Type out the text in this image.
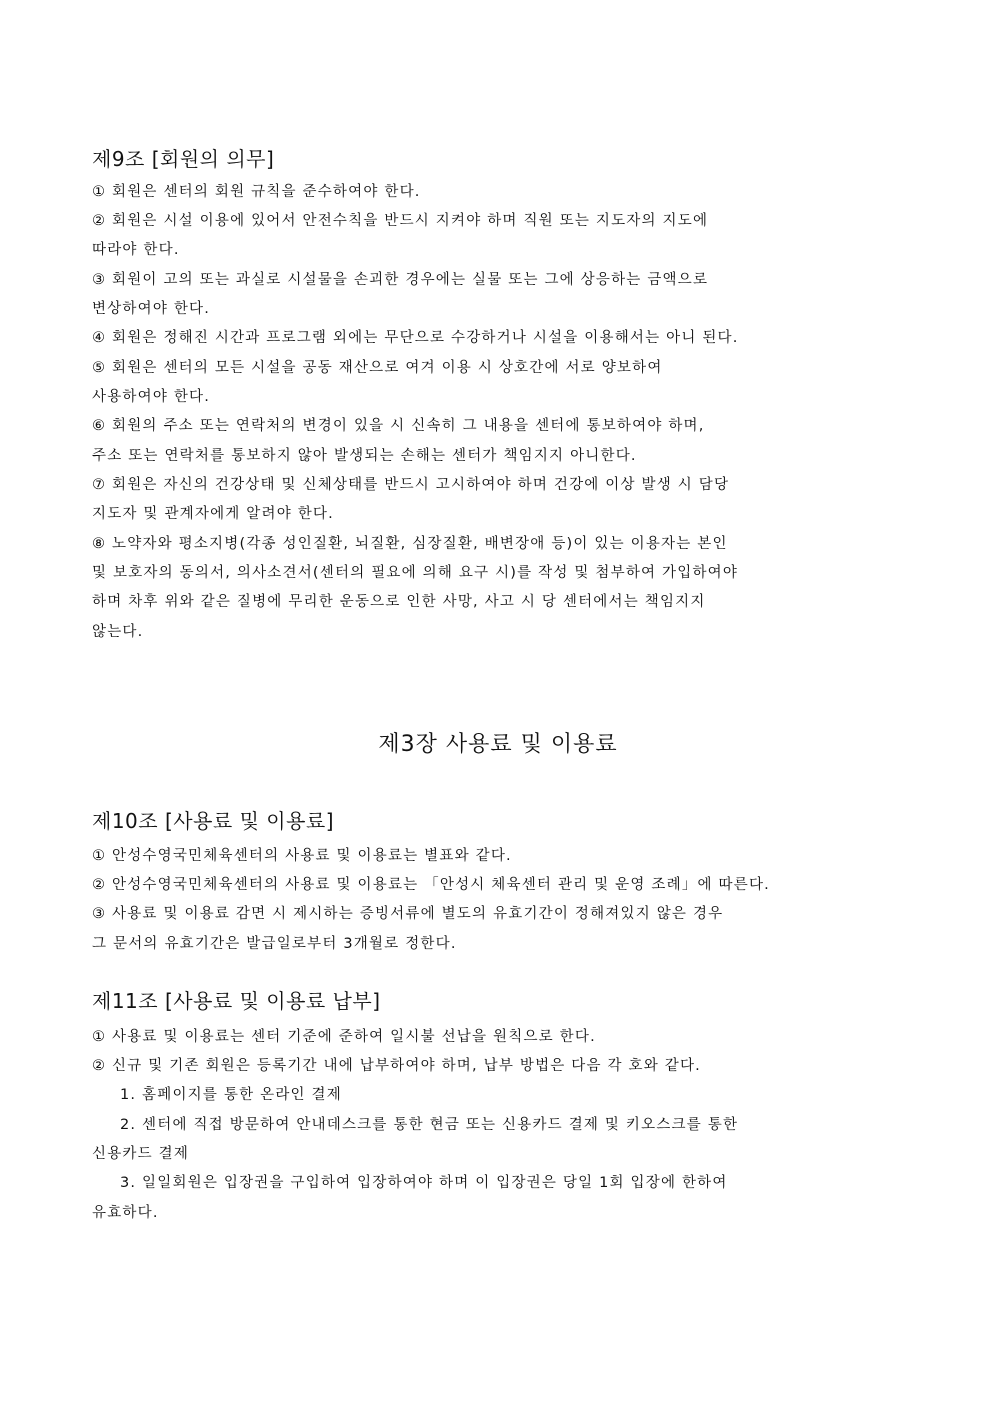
제9조 [회원의 의무]
① 회원은 센터의 회원 규칙을 준수하여야 한다.
② 회원은 시설 이용에 있어서 안전수칙을 반드시 지켜야 하며 직원 또는 지도자의 지도에
따라야 한다.
③ 회원이 고의 또는 과실로 시설물을 손괴한 경우에는 실물 또는 그에 상응하는 금액으로
변상하여야 한다.
④ 회원은 정해진 시간과 프로그램 외에는 무단으로 수강하거나 시설을 이용해서는 아니 된다.
⑤ 회원은 센터의 모든 시설을 공동 재산으로 여겨 이용 시 상호간에 서로 양보하여
사용하여야 한다.
⑥ 회원의 주소 또는 연락처의 변경이 있을 시 신속히 그 내용을 센터에 통보하여야 하며,
주소 또는 연락처를 통보하지 않아 발생되는 손해는 센터가 책임지지 아니한다.
⑦ 회원은 자신의 건강상태 및 신체상태를 반드시 고시하여야 하며 건강에 이상 발생 시 담당
지도자 및 관계자에게 알려야 한다.
⑧ 노약자와 평소지병(각종 성인질환, 뇌질환, 심장질환, 배변장애 등)이 있는 이용자는 본인
및 보호자의 동의서, 의사소견서(센터의 필요에 의해 요구 시)를 작성 및 첨부하여 가입하여야
하며 차후 위와 같은 질병에 무리한 운동으로 인한 사망, 사고 시 당 센터에서는 책임지지
않는다.
제3장 사용료 및 이용료
제10조 [사용료 및 이용료]
① 안성수영국민체육센터의 사용료 및 이용료는 별표와 같다.
② 안성수영국민체육센터의 사용료 및 이용료는 「안성시 체육센터 관리 및 운영 조례」에 따른다.
③ 사용료 및 이용료 감면 시 제시하는 증빙서류에 별도의 유효기간이 정해져있지 않은 경우
그 문서의 유효기간은 발급일로부터 3개월로 정한다.
제11조 [사용료 및 이용료 납부]
① 사용료 및 이용료는 센터 기준에 준하여 일시불 선납을 원칙으로 한다.
② 신규 및 기존 회원은 등록기간 내에 납부하여야 하며, 납부 방법은 다음 각 호와 같다.
1. 홈페이지를 통한 온라인 결제
2. 센터에 직접 방문하여 안내데스크를 통한 현금 또는 신용카드 결제 및 키오스크를 통한
신용카드 결제
3. 일일회원은 입장권을 구입하여 입장하여야 하며 이 입장권은 당일 1회 입장에 한하여
유효하다.
